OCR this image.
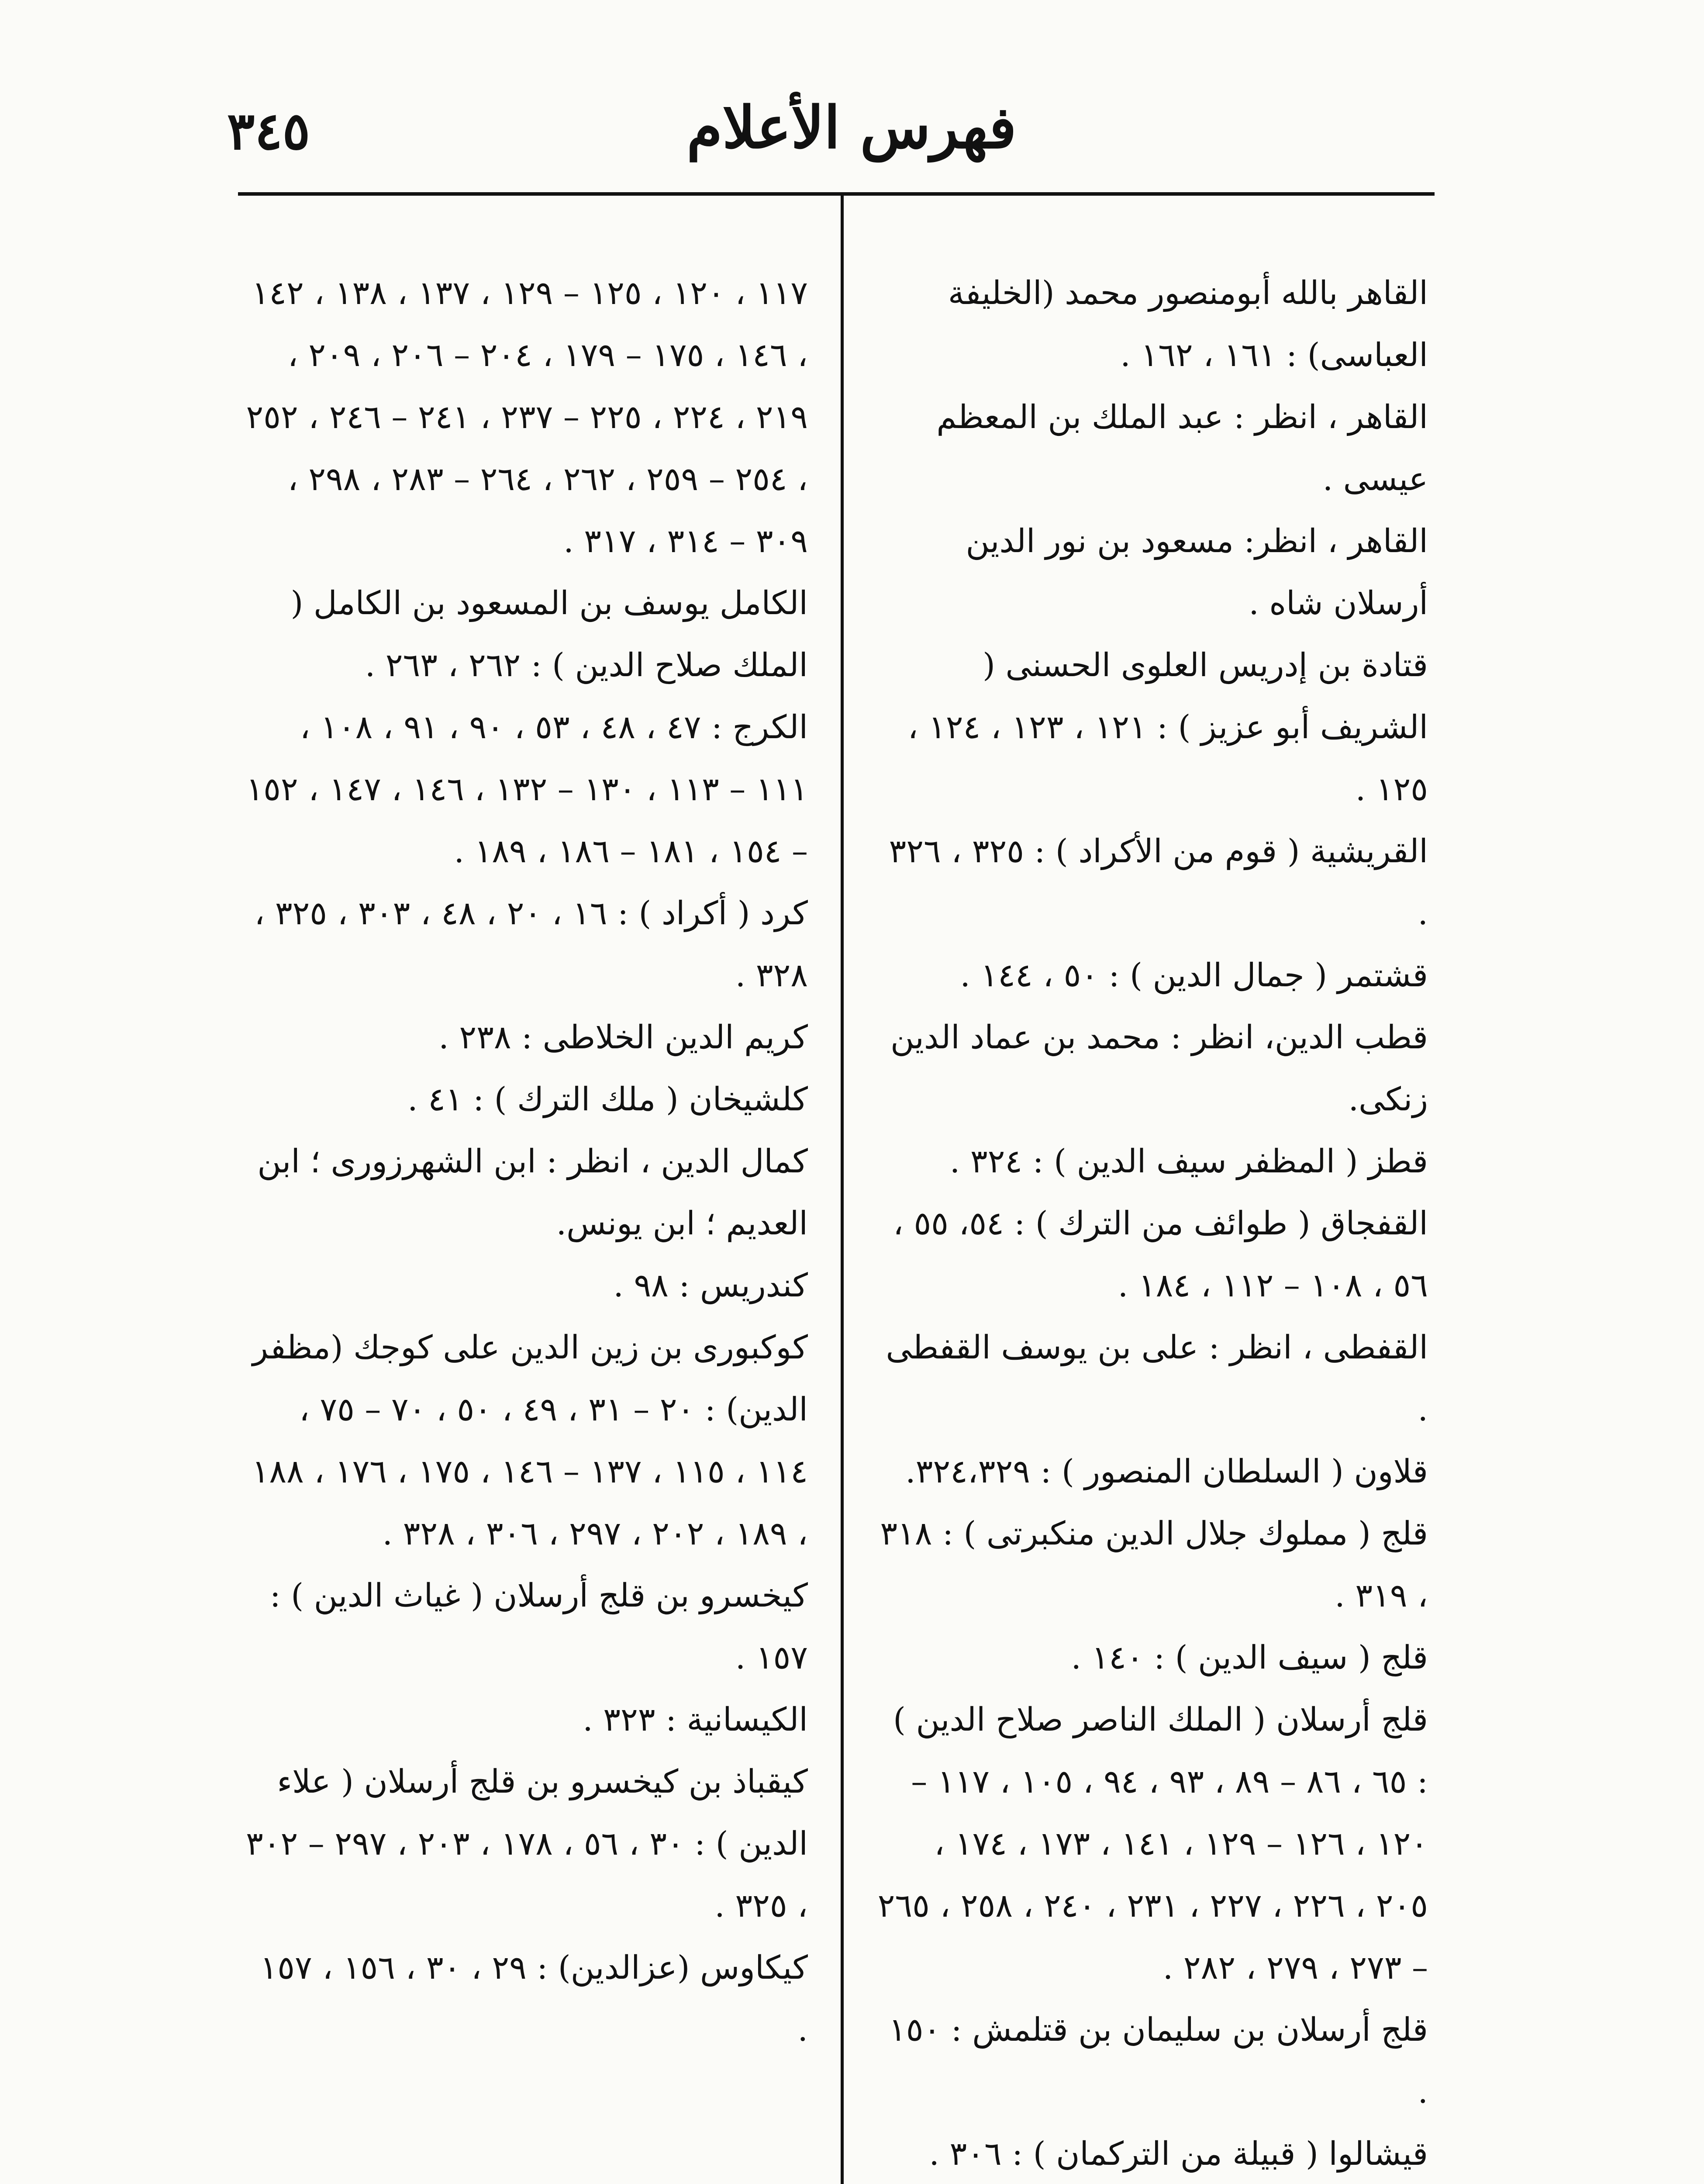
٣٤٥	فهرس الأعلام

القاهر بالله أبومنصور محمد (الخليفة العباسى) : ١٦١ ، ١٦٢ .

القاهر ، انظر : عبد الملك بن المعظم عيسى .

القاهر ، انظر: مسعود بن نور الدين أرسلان شاه .

قتادة بن إدريس العلوى الحسنى ( الشريف أبو عزيز ) : ١٢١ ، ١٢٣ ، ١٢٤ ، ١٢٥ .

القريشية ( قوم من الأكراد ) : ٣٢٥ ، ٣٢٦ .

قشتمر ( جمال الدين ) : ٥٠ ، ١٤٤ .

قطب الدين، انظر : محمد بن عماد الدين زنكى.

قطز ( المظفر سيف الدين ) : ٣٢٤ .

القفجاق ( طوائف من الترك ) : ٥٤، ٥٥ ، ٥٦ ، ١٠٨ – ١١٢ ، ١٨٤ .

القفطى ، انظر : على بن يوسف القفطى .

قلاون ( السلطان المنصور ) : ٣٢٤،٣٢٩.

قلج ( مملوك جلال الدين منكبرتى ) : ٣١٨ ، ٣١٩ .

قلج ( سيف الدين ) : ١٤٠ .

قلج أرسلان ( الملك الناصر صلاح الدين ) : ٦٥ ، ٨٦ – ٨٩ ، ٩٣ ، ٩٤ ، ١٠٥ ، ١١٧ – ١٢٠ ، ١٢٦ – ١٢٩ ، ١٤١ ، ١٧٣ ، ١٧٤ ، ٢٠٥ ، ٢٢٦ ، ٢٢٧ ، ٢٣١ ، ٢٤٠ ، ٢٥٨ ، ٢٦٥ – ٢٧٣ ، ٢٧٩ ، ٢٨٢ .

قلج أرسلان بن سليمان بن قتلمش : ١٥٠ .

قيشالوا ( قبيلة من التركمان ) : ٣٠٦ .

١١٧ ، ١٢٠ ، ١٢٥ – ١٢٩ ، ١٣٧ ، ١٣٨ ، ١٤٢ ، ١٤٦ ، ١٧٥ – ١٧٩ ، ٢٠٤ – ٢٠٦ ، ٢٠٩ ، ٢١٩ ، ٢٢٤ ، ٢٢٥ – ٢٣٧ ، ٢٤١ – ٢٤٦ ، ٢٥٢ ، ٢٥٤ – ٢٥٩ ، ٢٦٢ ، ٢٦٤ – ٢٨٣ ، ٢٩٨ ، ٣٠٩ – ٣١٤ ، ٣١٧ .

الكامل يوسف بن المسعود بن الكامل ( الملك صلاح الدين ) : ٢٦٢ ، ٢٦٣ .

الكرج : ٤٧ ، ٤٨ ، ٥٣ ، ٩٠ ، ٩١ ، ١٠٨ ، ١١١ – ١١٣ ، ١٣٠ – ١٣٢ ، ١٤٦ ، ١٤٧ ، ١٥٢ – ١٥٤ ، ١٨١ – ١٨٦ ، ١٨٩ .

كرد ( أكراد ) : ١٦ ، ٢٠ ، ٤٨ ، ٣٠٣ ، ٣٢٥ ، ٣٢٨ .

كريم الدين الخلاطى : ٢٣٨ .

كلشيخان ( ملك الترك ) : ٤١ .

كمال الدين ، انظر : ابن الشهرزورى ؛ ابن العديم ؛ ابن يونس.

كندريس : ٩٨ .

كوكبورى بن زين الدين على كوجك (مظفر الدين) : ٢٠ – ٣١ ، ٤٩ ، ٥٠ ، ٧٠ – ٧٥ ، ١١٤ ، ١١٥ ، ١٣٧ – ١٤٦ ، ١٧٥ ، ١٧٦ ، ١٨٨ ، ١٨٩ ، ٢٠٢ ، ٢٩٧ ، ٣٠٦ ، ٣٢٨ .

كيخسرو بن قلج أرسلان ( غياث الدين ) : ١٥٧ .

الكيسانية : ٣٢٣ .

كيقباذ بن كيخسرو بن قلج أرسلان ( علاء الدين ) : ٣٠ ، ٥٦ ، ١٧٨ ، ٢٠٣ ، ٢٩٧ – ٣٠٢ ، ٣٢٥ .

كيكاوس (عزالدين) : ٢٩ ، ٣٠ ، ١٥٦ ، ١٥٧ .
